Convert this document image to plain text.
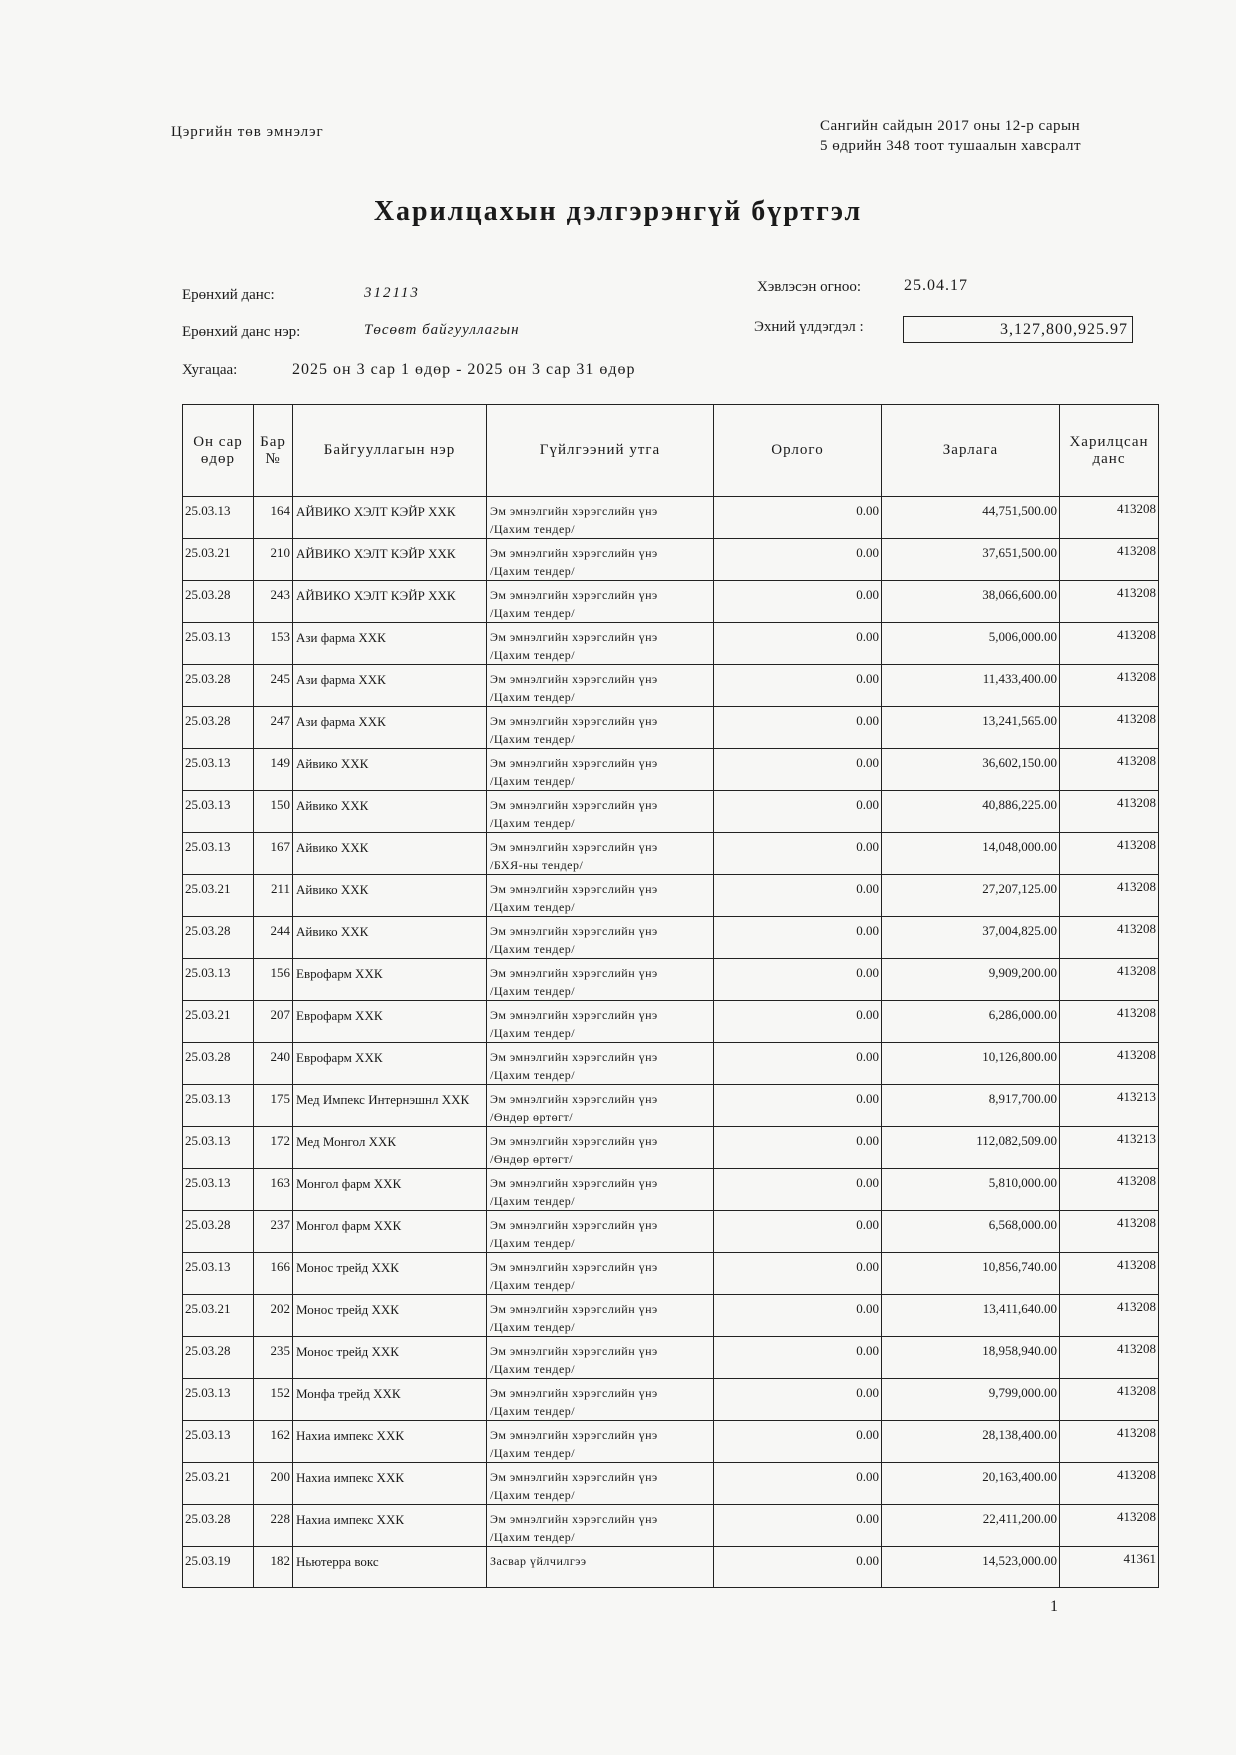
Цэргийн төв эмнэлэг	Сангийн сайдын 2017 оны 12-р сарын
5 өдрийн 348 тоот тушаалын хавсралт
Харилцахын дэлгэрэнгүй бүртгэл
Ерөнхий данс:	312113
Ерөнхий данс нэр:	Төсөвт байгууллагын
Хугацаа:	2025 он 3 сар 1 өдөр - 2025 он 3 сар 31 өдөр
Хэвлэсэн огноо:	25.04.17
Эхний үлдэгдэл :	3,127,800,925.97
Он сар өдөр	Бар №	Байгууллагын нэр	Гүйлгээний утга	Орлого	Зарлага	Харилцсан данс
25.03.13	164	АЙВИКО ХЭЛТ КЭЙР ХХК	Эм эмнэлгийн хэрэгслийн үнэ
/Цахим тендер/	0.00	44,751,500.00	413208
25.03.21	210	АЙВИКО ХЭЛТ КЭЙР ХХК	Эм эмнэлгийн хэрэгслийн үнэ
/Цахим тендер/	0.00	37,651,500.00	413208
25.03.28	243	АЙВИКО ХЭЛТ КЭЙР ХХК	Эм эмнэлгийн хэрэгслийн үнэ
/Цахим тендер/	0.00	38,066,600.00	413208
25.03.13	153	Ази фарма ХХК	Эм эмнэлгийн хэрэгслийн үнэ
/Цахим тендер/	0.00	5,006,000.00	413208
25.03.28	245	Ази фарма ХХК	Эм эмнэлгийн хэрэгслийн үнэ
/Цахим тендер/	0.00	11,433,400.00	413208
25.03.28	247	Ази фарма ХХК	Эм эмнэлгийн хэрэгслийн үнэ
/Цахим тендер/	0.00	13,241,565.00	413208
25.03.13	149	Айвико ХХК	Эм эмнэлгийн хэрэгслийн үнэ
/Цахим тендер/	0.00	36,602,150.00	413208
25.03.13	150	Айвико ХХК	Эм эмнэлгийн хэрэгслийн үнэ
/Цахим тендер/	0.00	40,886,225.00	413208
25.03.13	167	Айвико ХХК	Эм эмнэлгийн хэрэгслийн үнэ
/БХЯ-ны тендер/	0.00	14,048,000.00	413208
25.03.21	211	Айвико ХХК	Эм эмнэлгийн хэрэгслийн үнэ
/Цахим тендер/	0.00	27,207,125.00	413208
25.03.28	244	Айвико ХХК	Эм эмнэлгийн хэрэгслийн үнэ
/Цахим тендер/	0.00	37,004,825.00	413208
25.03.13	156	Еврофарм ХХК	Эм эмнэлгийн хэрэгслийн үнэ
/Цахим тендер/	0.00	9,909,200.00	413208
25.03.21	207	Еврофарм ХХК	Эм эмнэлгийн хэрэгслийн үнэ
/Цахим тендер/	0.00	6,286,000.00	413208
25.03.28	240	Еврофарм ХХК	Эм эмнэлгийн хэрэгслийн үнэ
/Цахим тендер/	0.00	10,126,800.00	413208
25.03.13	175	Мед Импекс Интернэшнл ХХК	Эм эмнэлгийн хэрэгслийн үнэ
/Өндөр өртөгт/	0.00	8,917,700.00	413213
25.03.13	172	Мед Монгол ХХК	Эм эмнэлгийн хэрэгслийн үнэ
/Өндөр өртөгт/	0.00	112,082,509.00	413213
25.03.13	163	Монгол фарм ХХК	Эм эмнэлгийн хэрэгслийн үнэ
/Цахим тендер/	0.00	5,810,000.00	413208
25.03.28	237	Монгол фарм ХХК	Эм эмнэлгийн хэрэгслийн үнэ
/Цахим тендер/	0.00	6,568,000.00	413208
25.03.13	166	Монос трейд ХХК	Эм эмнэлгийн хэрэгслийн үнэ
/Цахим тендер/	0.00	10,856,740.00	413208
25.03.21	202	Монос трейд ХХК	Эм эмнэлгийн хэрэгслийн үнэ
/Цахим тендер/	0.00	13,411,640.00	413208
25.03.28	235	Монос трейд ХХК	Эм эмнэлгийн хэрэгслийн үнэ
/Цахим тендер/	0.00	18,958,940.00	413208
25.03.13	152	Монфа трейд ХХК	Эм эмнэлгийн хэрэгслийн үнэ
/Цахим тендер/	0.00	9,799,000.00	413208
25.03.13	162	Нахиа импекс ХХК	Эм эмнэлгийн хэрэгслийн үнэ
/Цахим тендер/	0.00	28,138,400.00	413208
25.03.21	200	Нахиа импекс ХХК	Эм эмнэлгийн хэрэгслийн үнэ
/Цахим тендер/	0.00	20,163,400.00	413208
25.03.28	228	Нахиа импекс ХХК	Эм эмнэлгийн хэрэгслийн үнэ
/Цахим тендер/	0.00	22,411,200.00	413208
25.03.19	182	Ньютерра вокс	Засвар үйлчилгээ	0.00	14,523,000.00	41361
1
